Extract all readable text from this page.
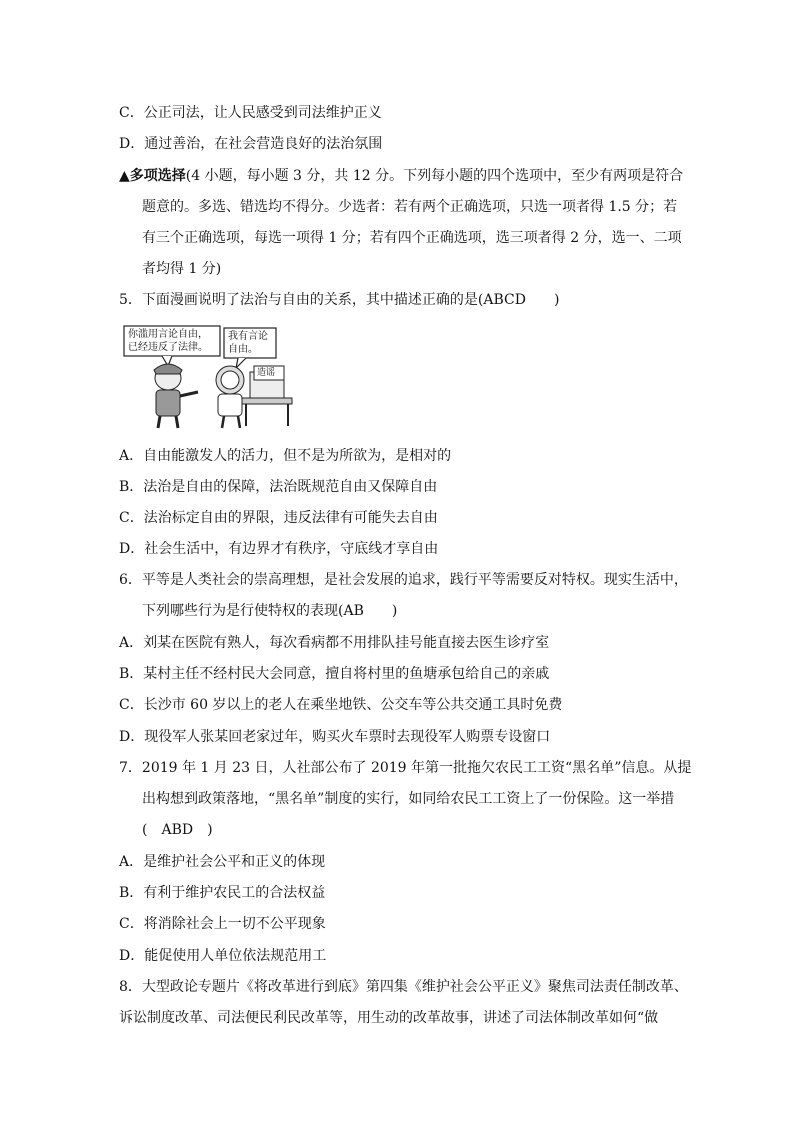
C．公正司法，让人民感受到司法维护正义
D．通过善治，在社会营造良好的法治氛围
▲多项选择(4 小题，每小题 3 分，共 12 分。下列每小题的四个选项中，至少有两项是符合
题意的。多选、错选均不得分。少选者：若有两个正确选项，只选一项者得 1.5 分；若
有三个正确选项，每选一项得 1 分；若有四个正确选项，选三项者得 2 分，选一、二项
者均得 1 分)
5．下面漫画说明了法治与自由的关系，其中描述正确的是(ABCD　　)
你滥用言论自由，
已经违反了法律。
我有言论
自由。
造谣
A．自由能激发人的活力，但不是为所欲为，是相对的
B．法治是自由的保障，法治既规范自由又保障自由
C．法治标定自由的界限，违反法律有可能失去自由
D．社会生活中，有边界才有秩序，守底线才享自由
6．平等是人类社会的崇高理想，是社会发展的追求，践行平等需要反对特权。现实生活中，
下列哪些行为是行使特权的表现(AB　　)
A．刘某在医院有熟人，每次看病都不用排队挂号能直接去医生诊疗室
B．某村主任不经村民大会同意，擅自将村里的鱼塘承包给自己的亲戚
C．长沙市 60 岁以上的老人在乘坐地铁、公交车等公共交通工具时免费
D．现役军人张某回老家过年，购买火车票时去现役军人购票专设窗口
7．2019 年 1 月 23 日，人社部公布了 2019 年第一批拖欠农民工工资“黑名单”信息。从提
出构想到政策落地，“黑名单”制度的实行，如同给农民工工资上了一份保险。这一举措
(　ABD　)
A．是维护社会公平和正义的体现
B．有利于维护农民工的合法权益
C．将消除社会上一切不公平现象
D．能促使用人单位依法规范用工
8．大型政论专题片《将改革进行到底》第四集《维护社会公平正义》聚焦司法责任制改革、
诉讼制度改革、司法便民利民改革等，用生动的改革故事，讲述了司法体制改革如何“做
